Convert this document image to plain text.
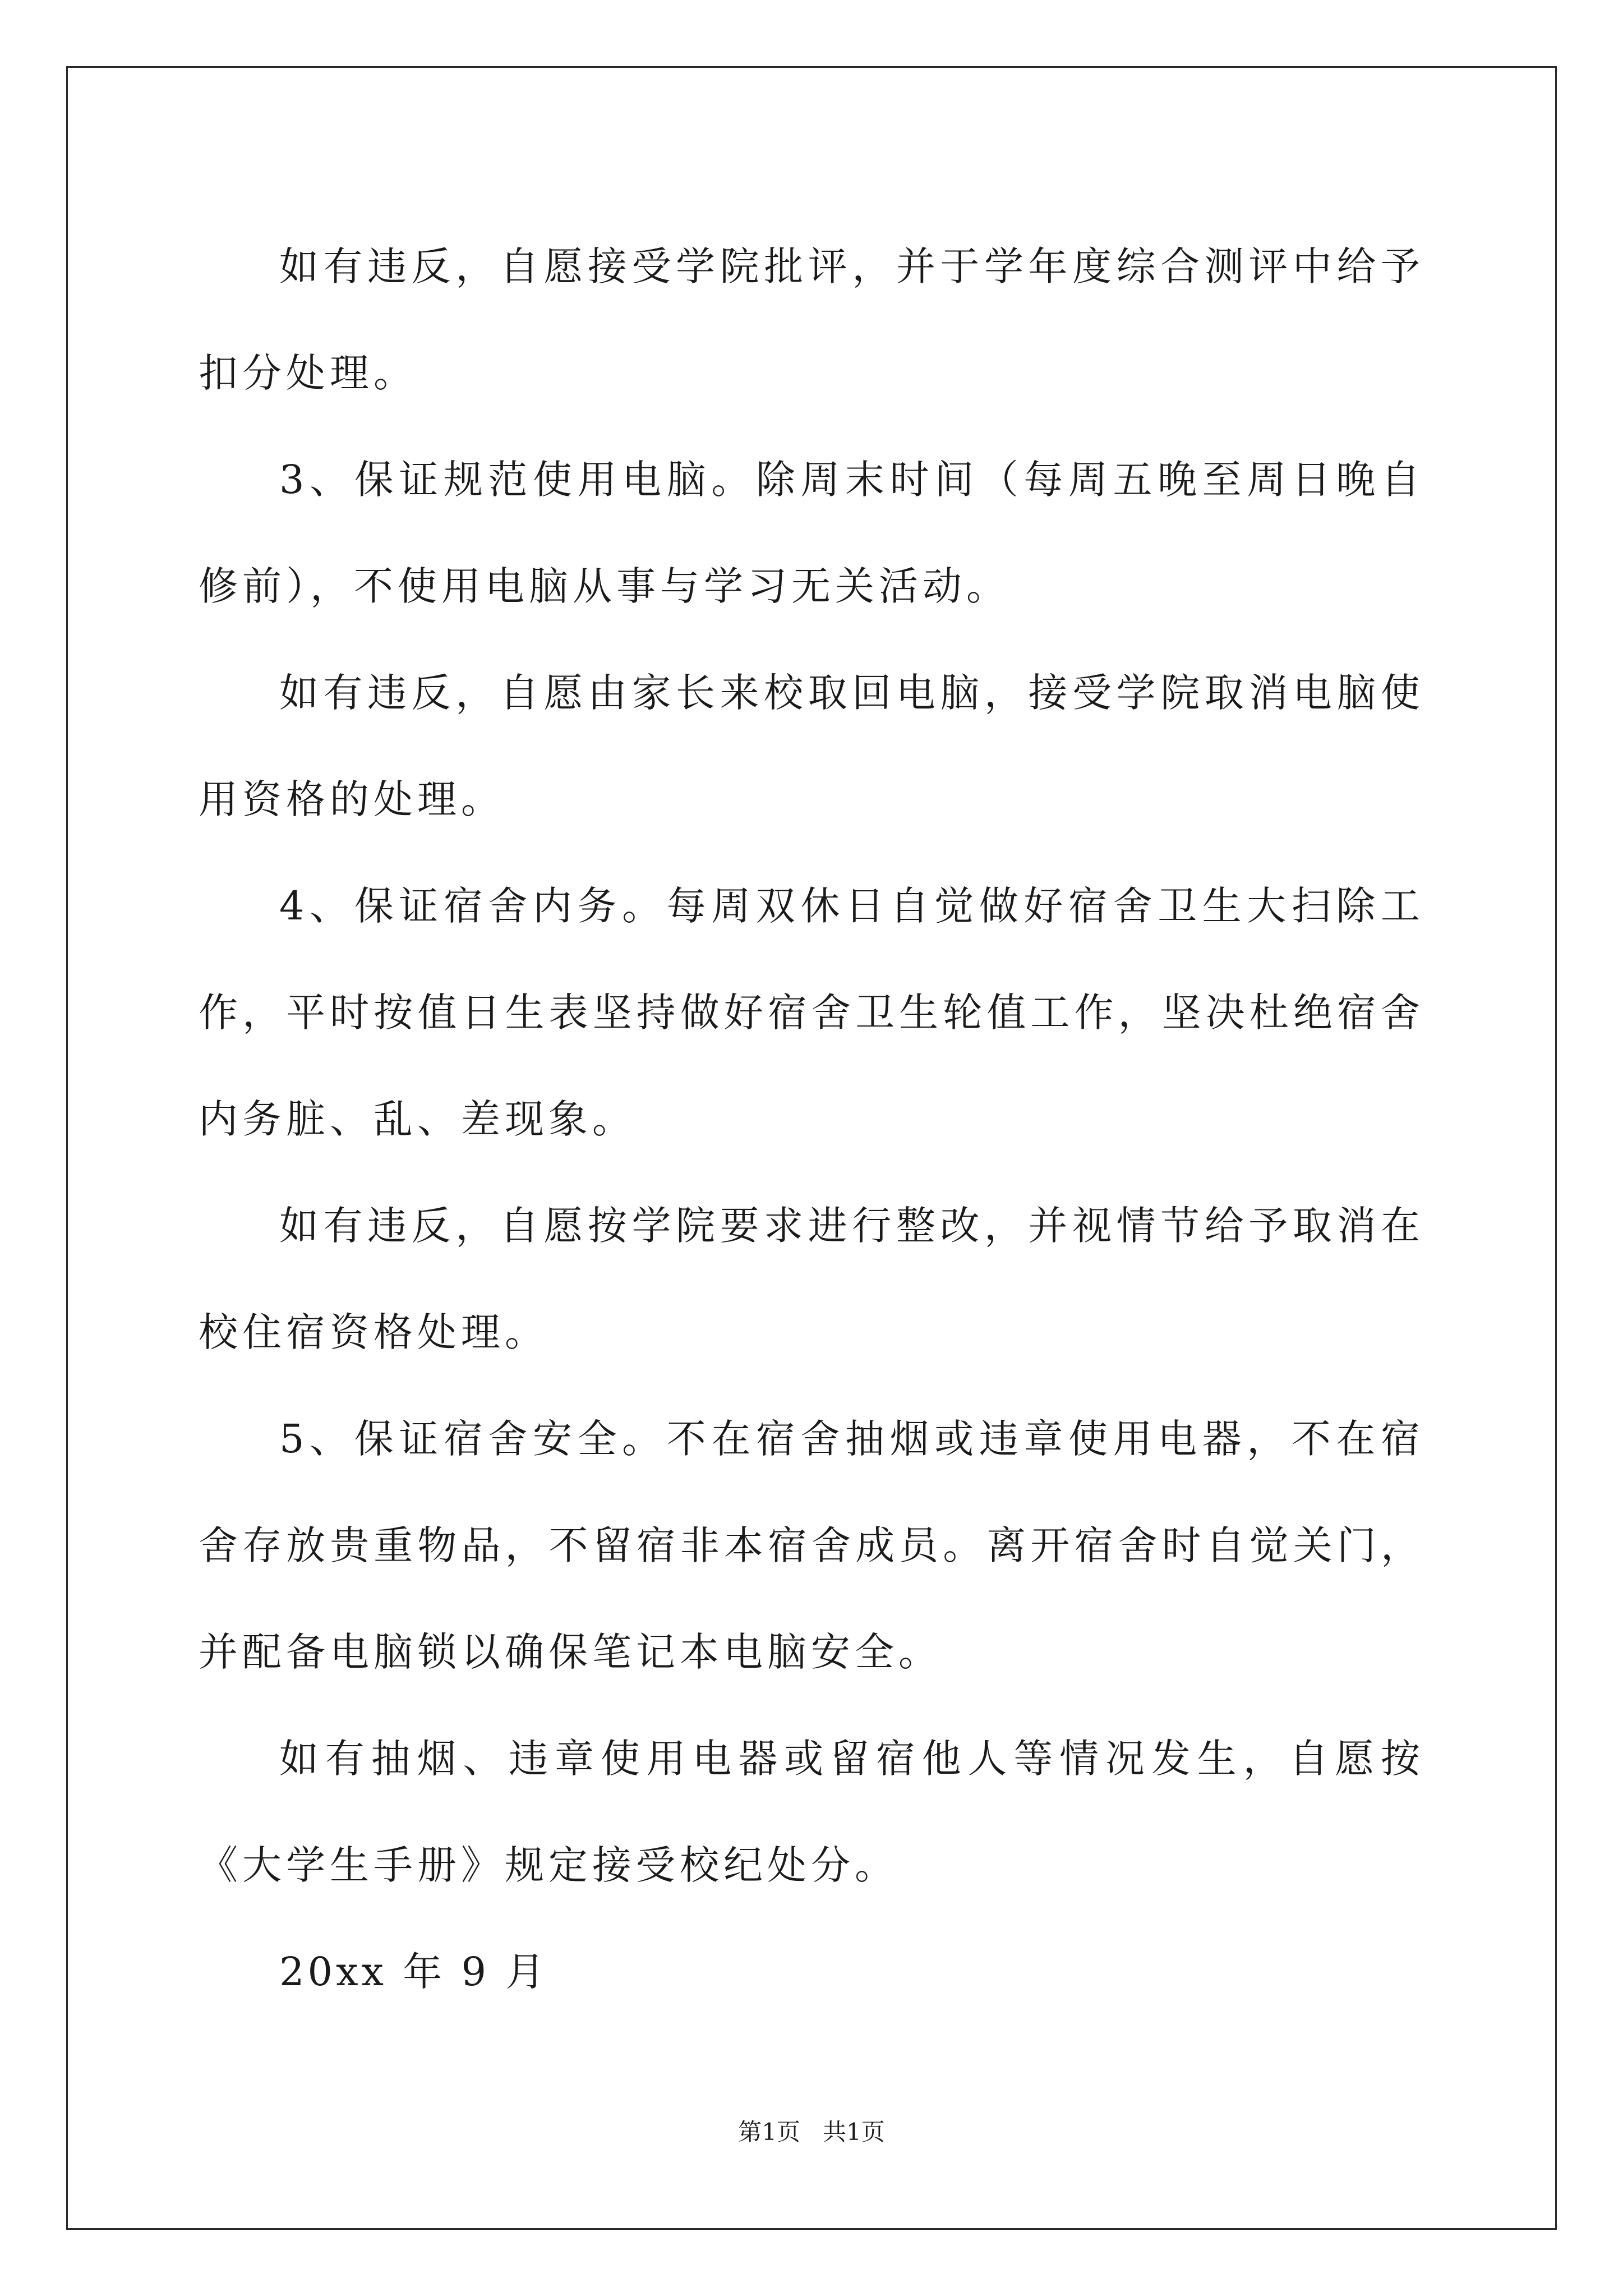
如有违反，自愿接受学院批评，并于学年度综合测评中给予扣分处理。

3、保证规范使用电脑。除周末时间（每周五晚至周日晚自修前），不使用电脑从事与学习无关活动。

如有违反，自愿由家长来校取回电脑，接受学院取消电脑使用资格的处理。

4、保证宿舍内务。每周双休日自觉做好宿舍卫生大扫除工作，平时按值日生表坚持做好宿舍卫生轮值工作，坚决杜绝宿舍内务脏、乱、差现象。

如有违反，自愿按学院要求进行整改，并视情节给予取消在校住宿资格处理。

5、保证宿舍安全。不在宿舍抽烟或违章使用电器，不在宿舍存放贵重物品，不留宿非本宿舍成员。离开宿舍时自觉关门，并配备电脑锁以确保笔记本电脑安全。

如有抽烟、违章使用电器或留宿他人等情况发生，自愿按《大学生手册》规定接受校纪处分。

20xx 年 9 月

第1页   共1页
